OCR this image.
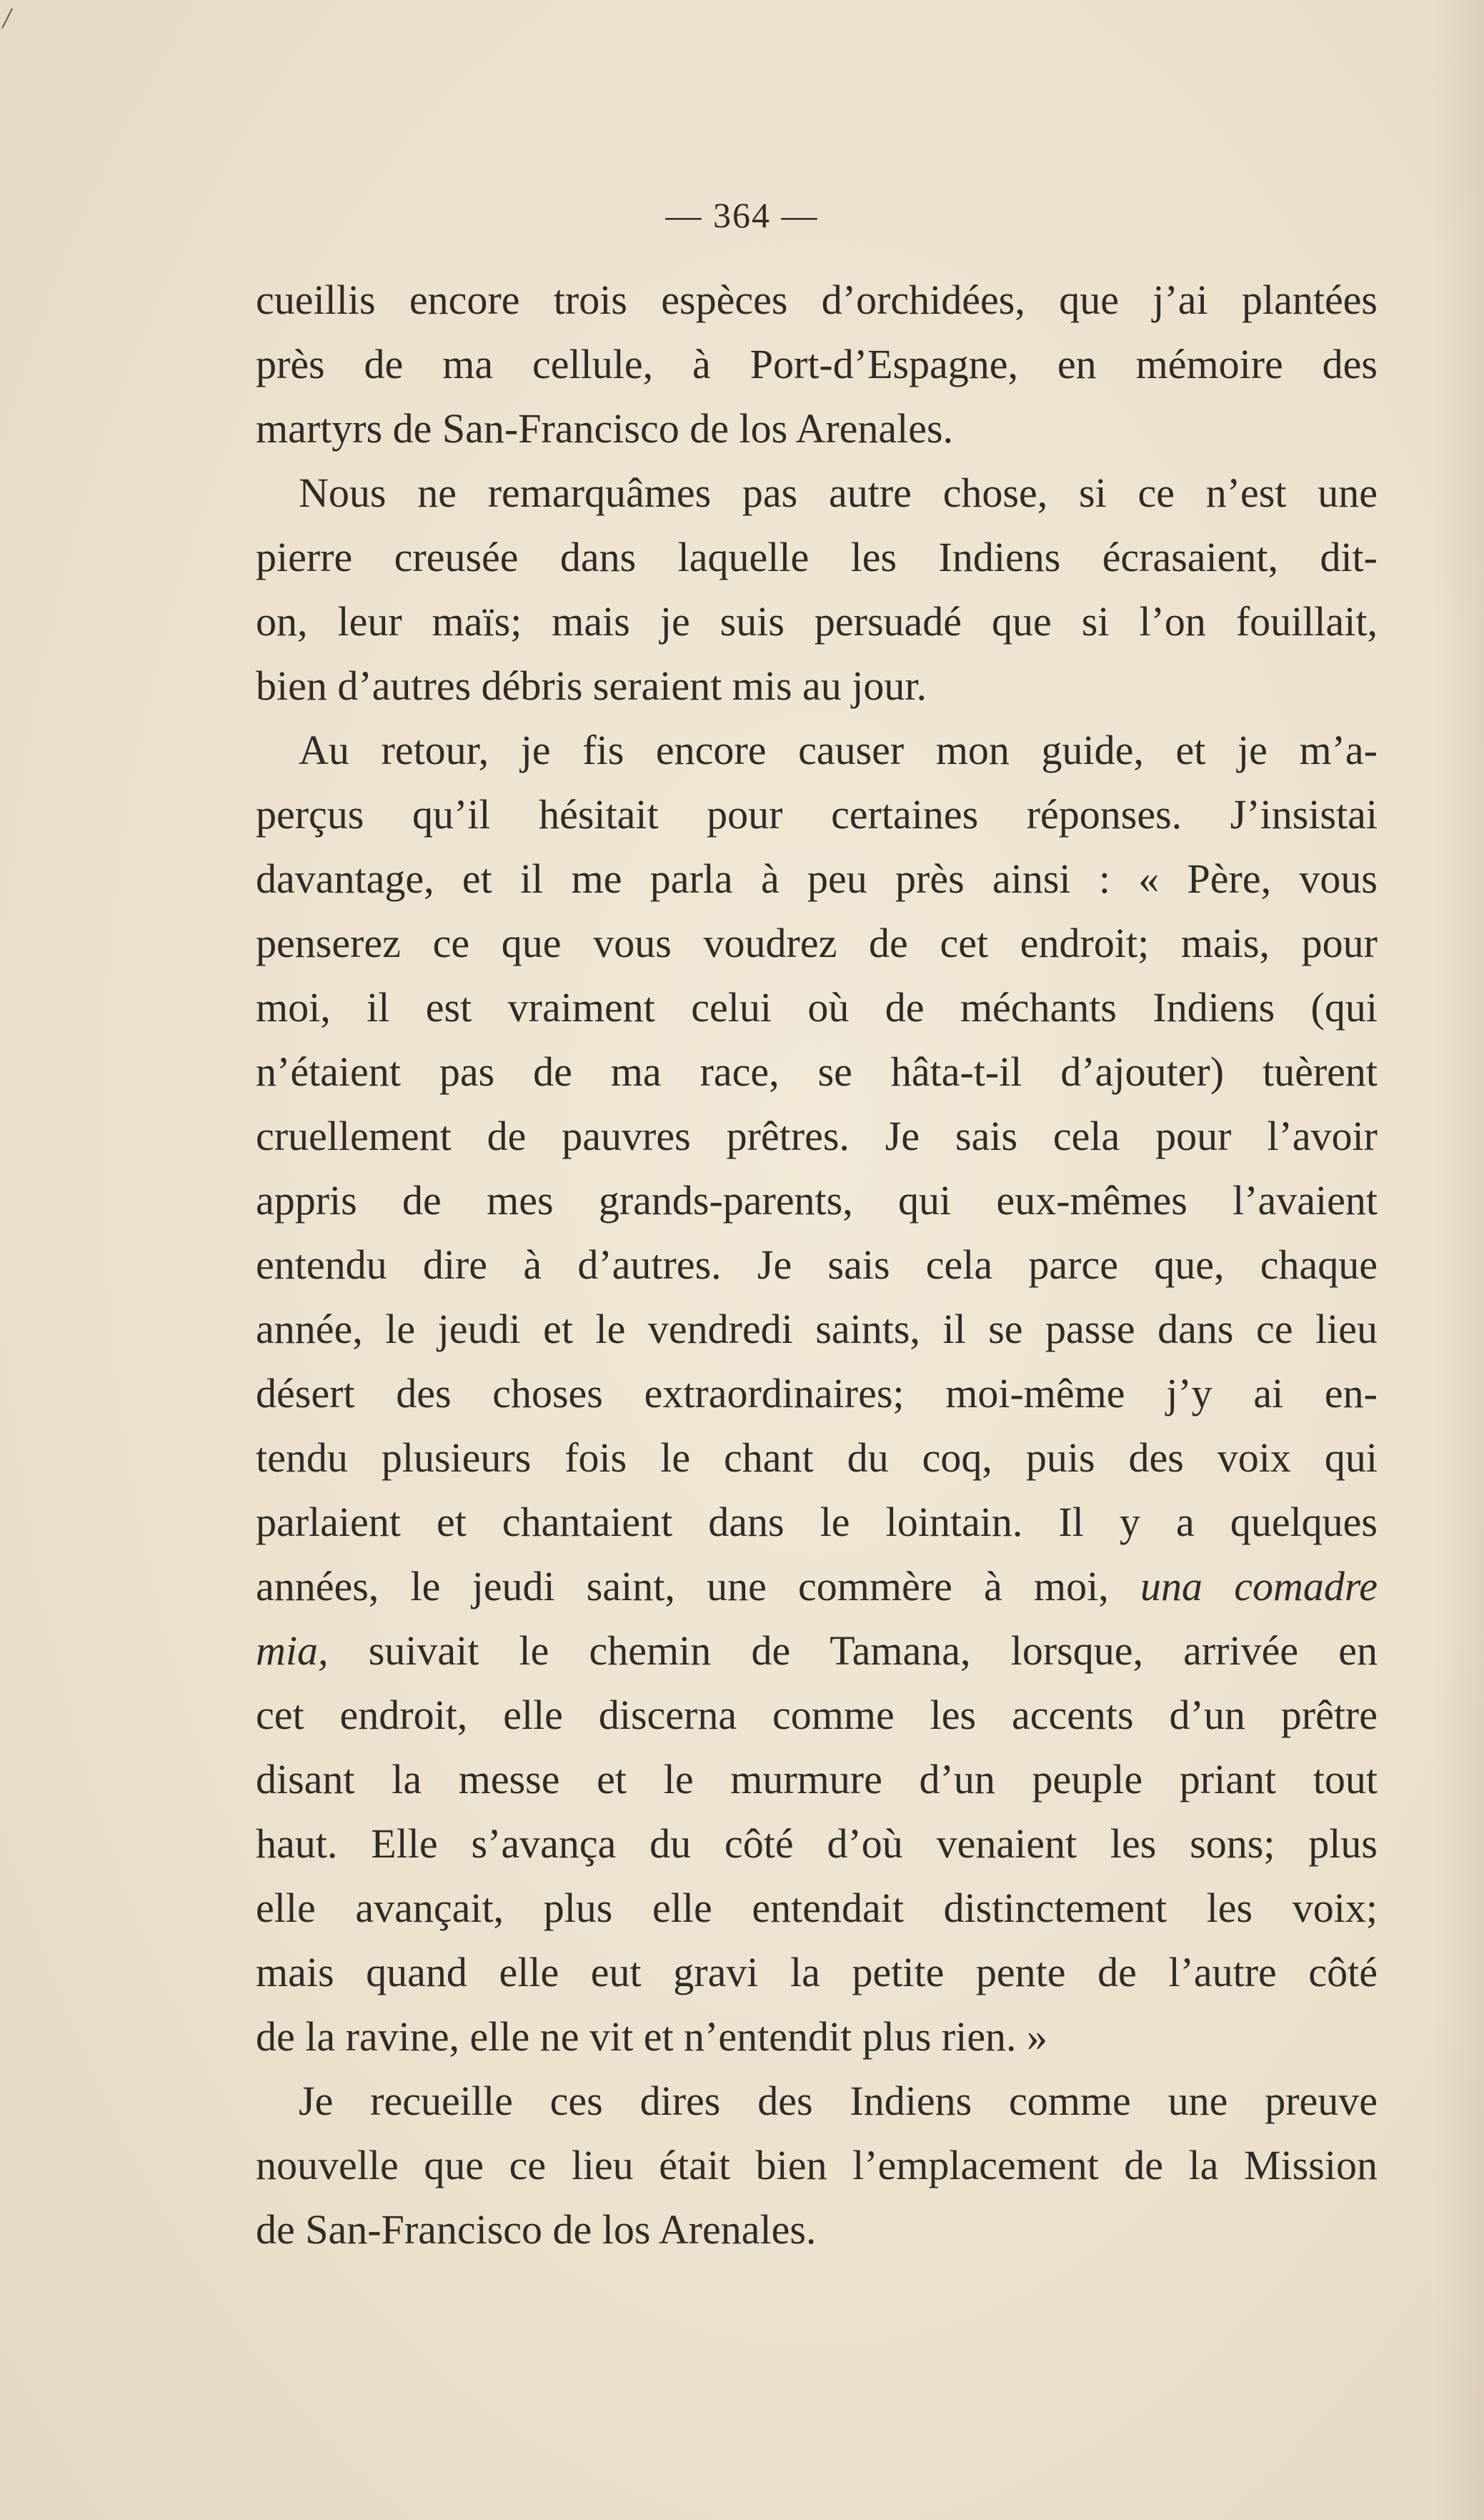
/
— 364 —
cueillis encore trois espèces d’orchidées, que j’ai plantées
près de ma cellule, à Port-d’Espagne, en mémoire des
martyrs de San-Francisco de los Arenales.
Nous ne remarquâmes pas autre chose, si ce n’est une
pierre creusée dans laquelle les Indiens écrasaient, dit-
on, leur maïs; mais je suis persuadé que si l’on fouillait,
bien d’autres débris seraient mis au jour.
Au retour, je fis encore causer mon guide, et je m’a-
perçus qu’il hésitait pour certaines réponses. J’insistai
davantage, et il me parla à peu près ainsi : « Père, vous
penserez ce que vous voudrez de cet endroit; mais, pour
moi, il est vraiment celui où de méchants Indiens (qui
n’étaient pas de ma race, se hâta-t-il d’ajouter) tuèrent
cruellement de pauvres prêtres. Je sais cela pour l’avoir
appris de mes grands-parents, qui eux-mêmes l’avaient
entendu dire à d’autres. Je sais cela parce que, chaque
année, le jeudi et le vendredi saints, il se passe dans ce lieu
désert des choses extraordinaires; moi-même j’y ai en-
tendu plusieurs fois le chant du coq, puis des voix qui
parlaient et chantaient dans le lointain. Il y a quelques
années, le jeudi saint, une commère à moi, una comadre
mia, suivait le chemin de Tamana, lorsque, arrivée en
cet endroit, elle discerna comme les accents d’un prêtre
disant la messe et le murmure d’un peuple priant tout
haut. Elle s’avança du côté d’où venaient les sons; plus
elle avançait, plus elle entendait distinctement les voix;
mais quand elle eut gravi la petite pente de l’autre côté
de la ravine, elle ne vit et n’entendit plus rien. »
Je recueille ces dires des Indiens comme une preuve
nouvelle que ce lieu était bien l’emplacement de la Mission
de San-Francisco de los Arenales.
